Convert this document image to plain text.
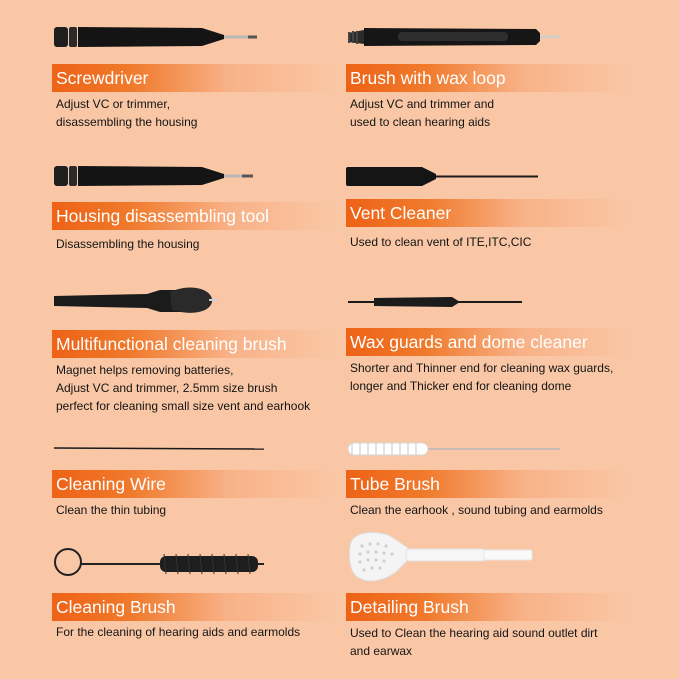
Screwdriver
Adjust VC or trimmer,
disassembling the housing
Brush with wax loop
Adjust VC and trimmer and
used to clean hearing aids
Housing disassembling tool
Disassembling the housing
Vent Cleaner
Used to clean vent of ITE,ITC,CIC
Multifunctional cleaning brush
Magnet helps removing batteries,
Adjust VC and trimmer, 2.5mm size brush
perfect for cleaning small size vent and earhook
Wax guards and dome cleaner
Shorter and Thinner end for cleaning wax guards,
longer and Thicker end for cleaning dome
Cleaning Wire
Clean the thin tubing
Tube Brush
Clean the earhook , sound tubing and earmolds
Cleaning Brush
For the cleaning of hearing aids and earmolds
Detailing Brush
Used to Clean the hearing aid sound outlet dirt
and earwax
